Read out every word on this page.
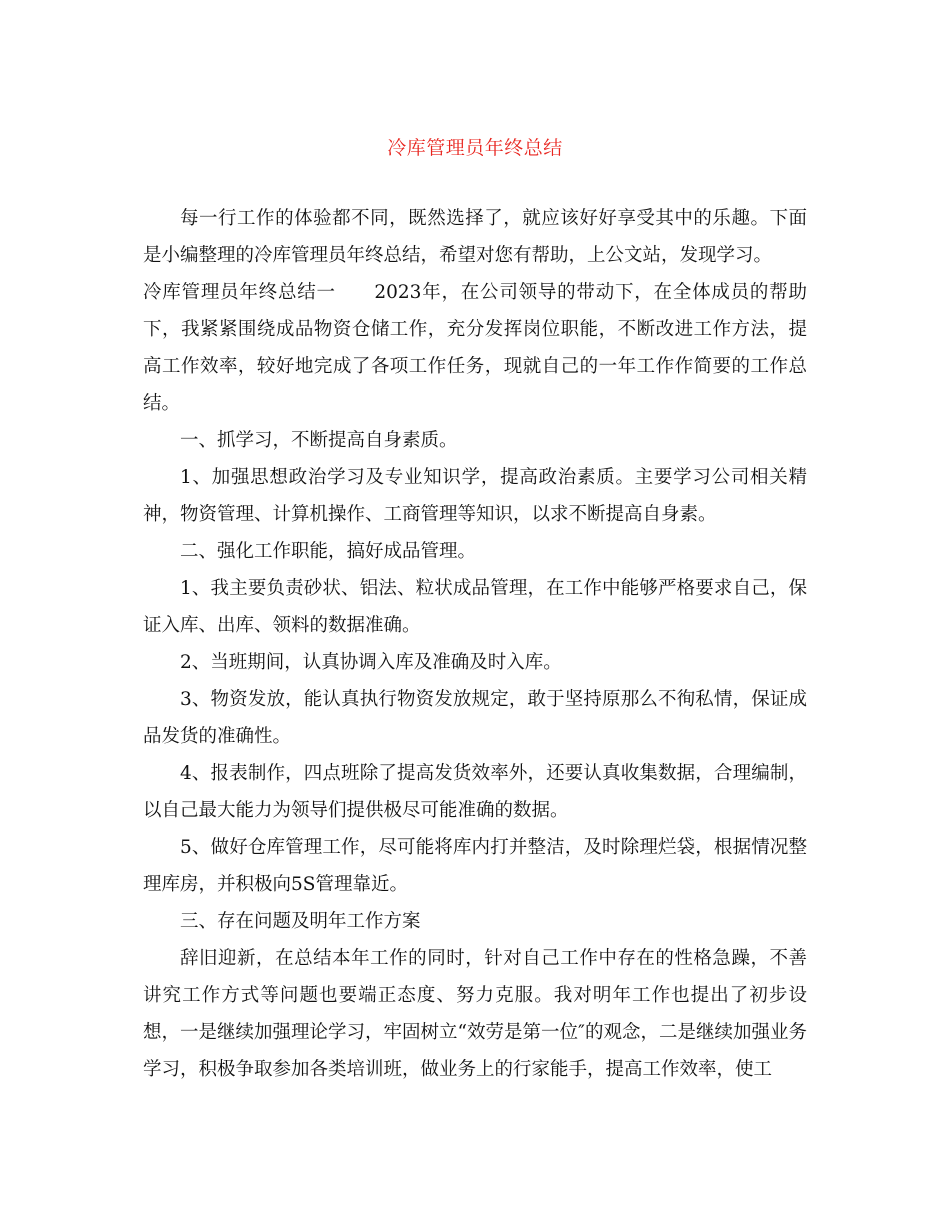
冷库管理员年终总结

每一行工作的体验都不同，既然选择了，就应该好好享受其中的乐趣。下面是小编整理的冷库管理员年终总结，希望对您有帮助，上公文站，发现学习。

冷库管理员年终总结一　　2023年，在公司领导的带动下，在全体成员的帮助下，我紧紧围绕成品物资仓储工作，充分发挥岗位职能，不断改进工作方法，提高工作效率，较好地完成了各项工作任务，现就自己的一年工作作简要的工作总结。

一、抓学习，不断提高自身素质。

1、加强思想政治学习及专业知识学，提高政治素质。主要学习公司相关精神，物资管理、计算机操作、工商管理等知识，以求不断提高自身素。

二、强化工作职能，搞好成品管理。

1、我主要负责砂状、铝法、粒状成品管理，在工作中能够严格要求自己，保证入库、出库、领料的数据准确。

2、当班期间，认真协调入库及准确及时入库。

3、物资发放，能认真执行物资发放规定，敢于坚持原那么不徇私情，保证成品发货的准确性。

4、报表制作，四点班除了提高发货效率外，还要认真收集数据，合理编制，以自己最大能力为领导们提供极尽可能准确的数据。

5、做好仓库管理工作，尽可能将库内打并整洁，及时除理烂袋，根据情况整理库房，并积极向5S管理靠近。

三、存在问题及明年工作方案

辞旧迎新，在总结本年工作的同时，针对自己工作中存在的性格急躁，不善讲究工作方式等问题也要端正态度、努力克服。我对明年工作也提出了初步设想，一是继续加强理论学习，牢固树立“效劳是第一位″的观念，二是继续加强业务学习，积极争取参加各类培训班，做业务上的行家能手，提高工作效率，使工
